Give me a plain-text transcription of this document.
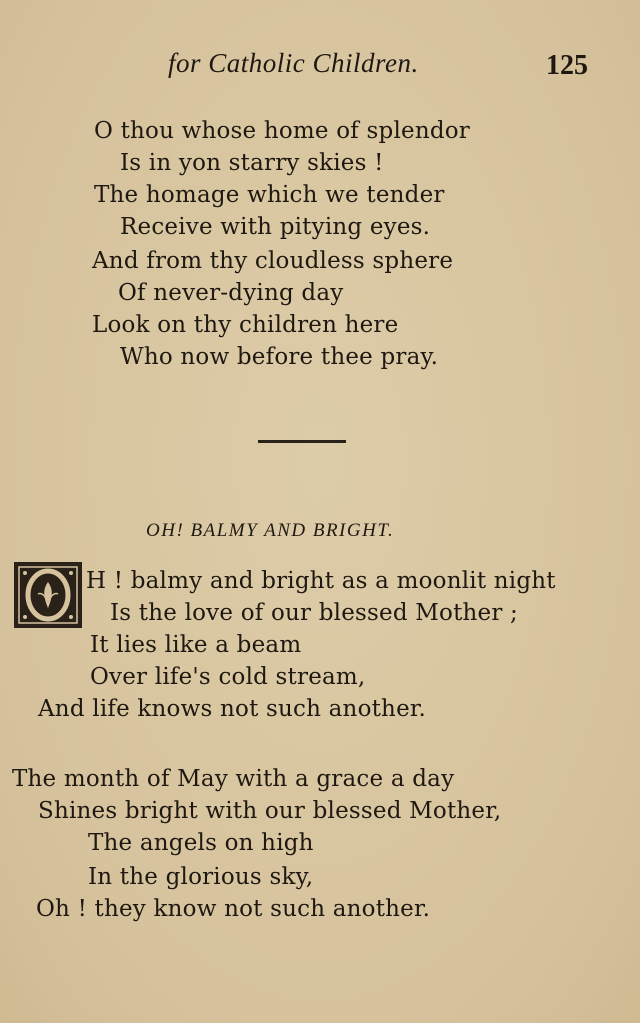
for Catholic Children.	125
O thou whose home of splendor
Is in yon starry skies !
The homage which we tender
Receive with pitying eyes.
And from thy cloudless sphere
Of never-dying day
Look on thy children here
Who now before thee pray.
OH! BALMY AND BRIGHT.
H ! balmy and bright as a moonlit night
Is the love of our blessed Mother ;
It lies like a beam
Over life's cold stream,
And life knows not such another.
The month of May with a grace a day
Shines bright with our blessed Mother,
The angels on high
In the glorious sky,
Oh ! they know not such another.
